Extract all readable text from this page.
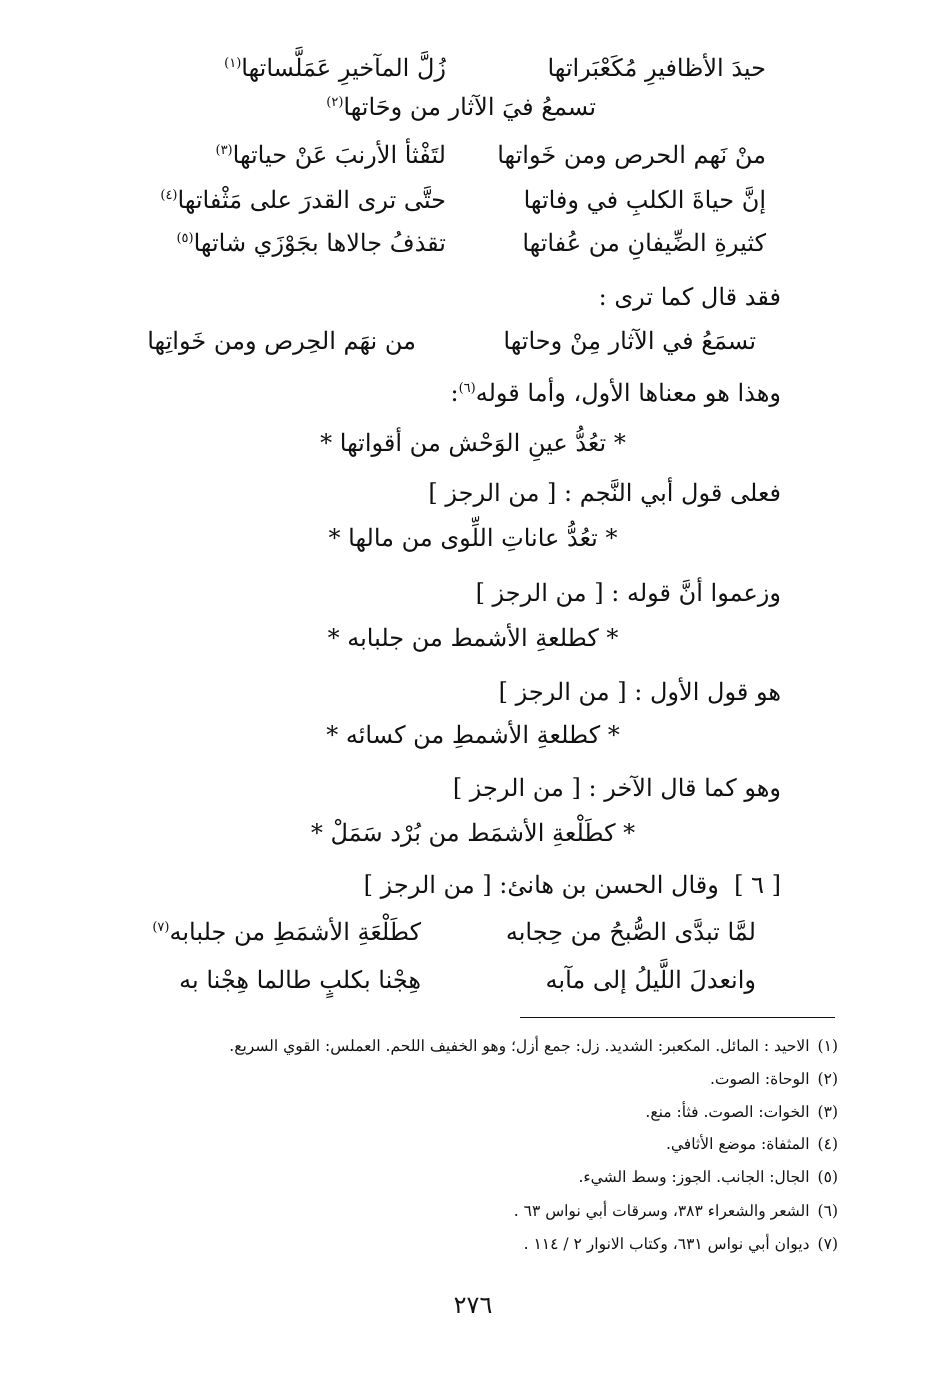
حيدَ الأظافيرِ مُكَعْبَراتها
زُلَّ المآخيرِ عَمَلَّساتها$^{(١)}$
تسمعُ فيَ الآثار من وحَاتها$^{(٢)}$
منْ نَهم الحرص ومن خَواتها
لتَفْثأ الأرنبَ عَنْ حياتها$^{(٣)}$
إنَّ حياةَ الكلبِ في وفاتها
حتَّى ترى القدرَ على مَثْفاتها$^{(٤)}$
كثيرةِ الضِّيفانِ من عُفاتها
تقذفُ جالاها بجَوْزَي شاتها$^{(٥)}$
فقد قال كما ترى :
تسمَعُ في الآثار مِنْ وحاتها
من نهَم الحِرص ومن خَواتِها
وهذا هو معناها الأول، وأما قوله$^{(٦)}$:
* تعُدُّ عينِ الوَحْش من أقواتها *
فعلى قول أبي النَّجم : [ من الرجز ]
* تعُدُّ عاناتِ اللِّوى من مالها *
وزعموا أنَّ قوله : [ من الرجز ]
* كطلعةِ الأشمط من جلبابه *
هو قول الأول : [ من الرجز ]
* كطلعةِ الأشمطِ من كسائه *
وهو كما قال الآخر : [ من الرجز ]
* كطَلْعةِ الأشمَط من بُرْد سَمَلْ *
[ ٦ ]  وقال الحسن بن هانئ: [ من الرجز ]
لمَّا تبدَّى الصُّبحُ من حِجابه
كطَلْعَةِ الأشمَطِ من جلبابه$^{(٧)}$
وانعدلَ اللَّيلُ إلى مآبه
هِجْنا بكلبٍ طالما هِجْنا به
(١)الاحيد : المائل. المكعبر: الشديد. زل: جمع أزل؛ وهو الخفيف اللحم. العملس: القوي السريع.
(٢)الوحاة: الصوت.
(٣)الخوات: الصوت. فثأ: منع.
(٤)المثفاة: موضع الأثافي.
(٥)الجال: الجانب. الجوز: وسط الشيء.
(٦)الشعر والشعراء ٣٨٣، وسرقات أبي نواس ٦٣ .
(٧)ديوان أبي نواس ٦٣١، وكتاب الانوار ٢ / ١١٤ .
٢٧٦
